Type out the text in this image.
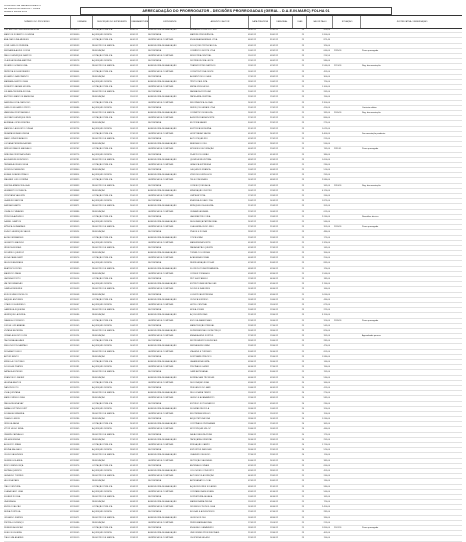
COMISSÃO DE GERENCIAMENTO
DE MARCAS E MARCAS – CGMM
Relatório Mensal 2012	ARRECADAÇÃO DO PRORROGATOR - DECISÕES PRORROGADAS (GERAL - D.A.E.IN.MARC) FOLHA 01
NÚMERO DO PROCESSO	UNIDADE	DESCRIÇÃO DO EXPEDIENTE	DATA ABERTURA	EXPEDIENTE	ASSUNTO / AUTOR	DATA PREVISTA	DATA REAL	DIAS	VALOR PAGO	SITUAÇÃO	JUSTIFICATIVA / OBSERVAÇÃO
LUIZ ANTONIO FERREIRA DA SILVA	02318473	LICITAÇÃO PÚBLICA	03/01/12	ASSESSORIA DE AVALIAÇÃO	ARMAZÉM LOGÍSTICO SUL	04/01/12	27/01/12	23	450,00
MARCOS ROBERTO OLIVEIRA	02318490	AQUISIÇÃO DIRETA	03/01/12	SECRETARIA	MAPFRE PREVIDÊNCIA	05/01/12	30/01/12	25	1.200,00
ANA CAROLINA MENDES	02318512	LICITAÇÃO PÚBLICA	04/01/12	GERÊNCIA DE COMPRAS	ENGENHARIA BRASIL LTDA	06/01/12	31/01/12	25	875,40
JOSÉ CARLOS PEREIRA	02318533	REGISTRO DE MARCA	04/01/12	ASSESSORIA DE AVALIAÇÃO	SOLUÇÕES TÉCNICAS S.A.	09/01/12	01/02/12	23	320,00
FERNANDA ALVES COSTA	02318547	RENOVAÇÃO	05/01/12	SECRETARIA	COMÉRCIO NORTE LTDA	10/01/12	02/02/12	23	640,00 2285/01	Prazo prorrogado
PAULO HENRIQUE SANTOS	02318561	LICITAÇÃO PÚBLICA	05/01/12	GERÊNCIA DE COMPRAS	INDÚSTRIA CENTRAL	11/01/12	03/02/12	23	210,50
CLÁUDIA REGINA MARTINS	02318578	AQUISIÇÃO DIRETA	06/01/12	SECRETARIA	DISTRIBUIDORA LESTE	12/01/12	06/02/12	25	980,00
RICARDO GOMES LIMA	02318590	REGISTRO DE MARCA	06/01/12	ASSESSORIA DE AVALIAÇÃO	TRANSPORTES RÁPIDOS	13/01/12	07/02/12	25	1.540,00 2291/01	Reg. documentação
PATRÍCIA SOUZA RIBEIRO	02318604	LICITAÇÃO PÚBLICA	09/01/12	GERÊNCIA DE COMPRAS	CONSTRUTORA OESTE	16/01/12	08/02/12	23	455,00
EDUARDO NASCIMENTO	02318619	RENOVAÇÃO	09/01/12	SECRETARIA	ALIMENTOS DO VALE	17/01/12	09/02/12	23	300,00
MARIANA CASTRO DIAS	02318633	AQUISIÇÃO DIRETA	10/01/12	ASSESSORIA DE AVALIAÇÃO	TÊXTIL PAULISTA	18/01/12	10/02/12	23	720,00
ROBERTO FARIAS MOURA	02318648	LICITAÇÃO PÚBLICA	10/01/12	GERÊNCIA DE COMPRAS	METALÚRGICA SUL	19/01/12	13/02/12	25	1.100,00
JULIANA TEIXEIRA ROCHA	02318652	REGISTRO DE MARCA	11/01/12	SECRETARIA	FARMÁCIA POPULAR	20/01/12	14/02/12	25	265,00
ANTÔNIO MARCOS BARBOSA	02318667	RENOVAÇÃO	11/01/12	ASSESSORIA DE AVALIAÇÃO	PAPELARIA CENTRAL	23/01/12	15/02/12	23	190,00
SANDRA LÚCIA CARDOSO	02318671	LICITAÇÃO PÚBLICA	12/01/12	GERÊNCIA DE COMPRAS	INFORMÁTICA GLOBAL	24/01/12	16/02/12	23	2.350,00
CARLOS EDUARDO PINTO	02318686	AQUISIÇÃO DIRETA	12/01/12	SECRETARIA	SERVIÇOS GERAIS LTDA	25/01/12	17/02/12	23	410,00	Contrato aditivo
VANESSA CRISTINA MELO	02318690	REGISTRO DE MARCA	13/01/12	ASSESSORIA DE AVALIAÇÃO	COSMÉTICOS BELEZA	26/01/12	20/02/12	25	335,00 2305/01	Reg. documentação
GUSTAVO HENRIQUE REIS	02318705	LICITAÇÃO PÚBLICA	13/01/12	GERÊNCIA DE COMPRAS	AGROPECUÁRIA NORTE	27/01/12	21/02/12	25	860,00
ADRIANA LOPES FREITAS	02318719	RENOVAÇÃO	16/01/12	SECRETARIA	EDITORA SABER	30/01/12	22/02/12	23	275,00
MARCELO AUGUSTO CUNHA	02318724	AQUISIÇÃO DIRETA	16/01/12	ASSESSORIA DE AVALIAÇÃO	ELÉTRICA MODERNA	31/01/12	23/02/12	23	1.025,00
RENATA MORAES VIEIRA	02318738	LICITAÇÃO PÚBLICA	17/01/12	GERÊNCIA DE COMPRAS	HOSPITALAR SAÚDE	01/02/12	24/02/12	23	3.400,00	Documentação pendente
FÁBIO JÚNIOR ARAÚJO	02318743	REGISTRO DE MARCA	17/01/12	SECRETARIA	AUTO PEÇAS RIO	02/02/12	27/02/12	25	215,00
LUCIANA PEREIRA DANTAS	02318757	RENOVAÇÃO	18/01/12	ASSESSORIA DE AVALIAÇÃO	BEBIDAS DO SUL	03/02/12	28/02/12	25	590,00
SÉRGIO RAMOS MACHADO	02318762	LICITAÇÃO PÚBLICA	18/01/12	GERÊNCIA DE COMPRAS	MÓVEIS E DECORAÇÃO	06/02/12	29/02/12	23	745,00 2311/01	Prazo prorrogado
DÉBORA CRISTINA NUNES	02318776	AQUISIÇÃO DIRETA	19/01/12	SECRETARIA	PLÁSTICOS UNIÃO	07/02/12	01/03/12	23	380,00
ALEXANDRE MONTEIRO	02318781	REGISTRO DE MARCA	19/01/12	ASSESSORIA DE AVALIAÇÃO	QUÍMICA INDUSTRIAL	08/02/12	02/03/12	23	1.650,00
TATIANA BORGES SILVA	02318795	LICITAÇÃO PÚBLICA	20/01/12	GERÊNCIA DE COMPRAS	GRÁFICA EXPRESSA	09/02/12	05/03/12	25	230,00
RODRIGO MENEZES	02318800	RENOVAÇÃO	20/01/12	SECRETARIA	CALÇADOS FRANCA	10/02/12	06/03/12	25	510,00
ELIANE SOARES PRADO	02318814	AQUISIÇÃO DIRETA	23/01/12	ASSESSORIA DE AVALIAÇÃO	VIDROS E ESPELHOS	13/02/12	07/03/12	23	295,00
WAGNER LUÍS CORRÊA	02318829	LICITAÇÃO PÚBLICA	23/01/12	GERÊNCIA DE COMPRAS	TELECOM BRASIL	14/02/12	08/03/12	23	2.980,00
SIMONE APARECIDA LEAL	02318833	REGISTRO DE MARCA	24/01/12	SECRETARIA	CONFECÇÕES ALFA	15/02/12	09/03/12	23	345,00 2318/01	Reg. documentação
HUMBERTO FONSECA	02318848	RENOVAÇÃO	24/01/12	ASSESSORIA DE AVALIAÇÃO	MINERAÇÃO CENTRO	16/02/12	12/03/12	25	4.120,00
CRISTIANE VALENTE	02318852	LICITAÇÃO PÚBLICA	25/01/12	GERÊNCIA DE COMPRAS	LIMPEZA TOTAL	17/02/12	13/03/12	25	260,00
LEANDRO BATISTA	02318867	AQUISIÇÃO DIRETA	25/01/12	SECRETARIA	ENERGIA SOLAR LTDA	20/02/12	14/03/12	23	1.875,00
KARINA DUARTE	02318871	REGISTRO DE MARCA	26/01/12	ASSESSORIA DE AVALIAÇÃO	BRINQUEDOS ALEGRIA	21/02/12	15/03/12	23	205,00
OSVALDO TAVARES	02318886	RENOVAÇÃO	26/01/12	GERÊNCIA DE COMPRAS	CERÂMICA BRASIL	22/02/12	16/03/12	23	615,00
PRISCILA AZEVEDO	02318890	LICITAÇÃO PÚBLICA	27/01/12	SECRETARIA	LABORATÓRIO VIDA	23/02/12	19/03/12	25	2.240,00	Reanálise técnica
DANIEL CAMPOS	02318905	AQUISIÇÃO DIRETA	27/01/12	ASSESSORIA DE AVALIAÇÃO	SEGURANÇA PATRIMONIAL	24/02/12	20/03/12	25	940,00
MÔNICA GUIMARÃES	02318919	REGISTRO DE MARCA	30/01/12	GERÊNCIA DE COMPRAS	JOALHERIA OURO FINO	27/02/12	21/03/12	23	355,00 2326/01	Prazo prorrogado
FLÁVIO HENRIQUE SALES	02318924	RENOVAÇÃO	30/01/12	SECRETARIA	PNEUS E RODAS	28/02/12	22/03/12	23	480,00
ALINE FERNANDES	02318938	LICITAÇÃO PÚBLICA	31/01/12	ASSESSORIA DE AVALIAÇÃO	ÓTICA VISÃO	29/02/12	23/03/12	23	175,00
GILBERTO MACEDO	02318943	AQUISIÇÃO DIRETA	31/01/12	GERÊNCIA DE COMPRAS	MADEIREIRA NORTE	01/03/12	26/03/12	25	1.320,00
JÉSSICA MORAIS	02318957	REGISTRO DE MARCA	01/02/12	SECRETARIA	PADARIA PÃO QUENTE	02/03/12	27/03/12	25	145,00
ROGÉRIO QUEIROZ	02318962	RENOVAÇÃO	01/02/12	ASSESSORIA DE AVALIAÇÃO	TINTAS COLORIDAS	05/03/12	28/03/12	23	390,00
ELISA CAVALCANTI	02318976	LICITAÇÃO PÚBLICA	02/02/12	GERÊNCIA DE COMPRAS	ACADEMIA FORMA	06/03/12	29/03/12	23	250,00
NELSON ANDRADE	02318981	AQUISIÇÃO DIRETA	02/02/12	SECRETARIA	REFRIGERAÇÃO POLAR	07/03/12	30/03/12	23	835,00
BEATRIZ FONTES	02318995	REGISTRO DE MARCA	03/02/12	ASSESSORIA DE AVALIAÇÃO	FLORICULTURA PRIMAVERA	08/03/12	02/04/12	25	120,00
MAURÍCIO PAIVA	02319000	RENOVAÇÃO	03/02/12	GERÊNCIA DE COMPRAS	CONSULTORIA ÁGIL	09/03/12	03/04/12	25	1.560,00
LARISSA PORTO	02319014	LICITAÇÃO PÚBLICA	06/02/12	SECRETARIA	PET SHOP AMIGO	12/03/12	04/04/12	23	185,00
VALTER BRANDÃO	02319029	AQUISIÇÃO DIRETA	06/02/12	ASSESSORIA DE AVALIAÇÃO	ESTRUTURAS METÁLICAS	13/03/12	05/04/12	23	2.760,00
CAMILA RESENDE	02319033	REGISTRO DE MARCA	07/02/12	GERÊNCIA DE COMPRAS	DOCES E SABORES	14/03/12	06/04/12	23	160,00
EDSON VASCONCELOS	02319048	RENOVAÇÃO	07/02/12	SECRETARIA	LOGÍSTICA EXPRESSA	15/03/12	09/04/12	25	1.090,00
RAQUEL ANTUNES	02319052	LICITAÇÃO PÚBLICA	08/02/12	ASSESSORIA DE AVALIAÇÃO	CLÍNICA SORRISO	16/03/12	10/04/12	25	430,00
OTÁVIO FIGUEIREDO	02319067	AQUISIÇÃO DIRETA	08/02/12	GERÊNCIA DE COMPRAS	HOTEL CENTRAL	19/03/12	11/04/12	23	675,00
GABRIELA SIQUEIRA	02319071	REGISTRO DE MARCA	09/02/12	SECRETARIA	MODA JOVEM	20/03/12	12/04/12	23	225,00
HENRIQUE LACERDA	02319086	RENOVAÇÃO	09/02/12	ASSESSORIA DE AVALIAÇÃO	AÇOS ESPECIAIS	21/03/12	13/04/12	23	3.150,00
ISABELA CORDEIRO	02319090	LICITAÇÃO PÚBLICA	10/02/12	GERÊNCIA DE COMPRAS	ESCOLA SABER MAIS	22/03/12	16/04/12	25	310,00 2339/01	Prazo prorrogado
JORGE LUIZ AMARAL	02319105	AQUISIÇÃO DIRETA	10/02/12	SECRETARIA	MANUTENÇÃO PREDIAL	23/03/12	17/04/12	25	545,00
VIVIANE BEZERRA	02319119	REGISTRO DE MARCA	13/02/12	ASSESSORIA DE AVALIAÇÃO	SUPERMERCADO BOM PREÇO	26/03/12	18/04/12	23	820,00
CÉSAR AUGUSTO LINS	02319124	RENOVAÇÃO	13/02/12	GERÊNCIA DE COMPRAS	EMBALAGENS FORTES	27/03/12	19/04/12	23	395,00	Aguardando parecer
TALITA MAGALHÃES	02319138	LICITAÇÃO PÚBLICA	14/02/12	SECRETARIA	INSTRUMENTOS MUSICAIS	28/03/12	20/04/12	23	285,00
WELLINGTON SAMPAIO	02319143	AQUISIÇÃO DIRETA	14/02/12	ASSESSORIA DE AVALIAÇÃO	FERRAGENS UNIÃO	29/03/12	23/04/12	25	470,00
ROSANA TOLEDO	02319157	REGISTRO DE MARCA	15/02/12	GERÊNCIA DE COMPRAS	VIAGENS E TURISMO	30/03/12	24/04/12	25	655,00
ARTUR BENTO	02319162	RENOVAÇÃO	15/02/12	SECRETARIA	SOFTWARE PRÁTICO	02/04/12	25/04/12	23	1.980,00
MIRELLA COUTINHO	02319176	LICITAÇÃO PÚBLICA	16/02/12	ASSESSORIA DE AVALIAÇÃO	LAVANDERIA LIMPA	03/04/12	26/04/12	23	140,00
DOUGLAS PRATES	02319181	AQUISIÇÃO DIRETA	16/02/12	GERÊNCIA DE COMPRAS	PISCINAS E LAZER	04/04/12	27/04/12	23	760,00
NATÁLIA ESTEVES	02319195	REGISTRO DE MARCA	17/02/12	SECRETARIA	CAFÉ ARTESANAL	05/04/12	30/04/12	25	195,00
FRANCISCO XAVIER	02319200	RENOVAÇÃO	17/02/12	ASSESSORIA DE AVALIAÇÃO	BORRACHAS TÉCNICAS	06/04/12	02/05/12	26	530,00
HELENA BASTOS	02319214	LICITAÇÃO PÚBLICA	20/02/12	GERÊNCIA DE COMPRAS	DECORAÇÃO FINA	09/04/12	03/05/12	24	340,00
IVAN PEIXOTO	02319229	AQUISIÇÃO DIRETA	20/02/12	SECRETARIA	PESCADOS DO MAR	10/04/12	04/05/12	24	415,00
LÍVIA QUINTANA	02319233	REGISTRO DE MARCA	21/02/12	ASSESSORIA DE AVALIAÇÃO	RELOJOARIA TEMPO	11/04/12	07/05/12	26	270,00
MÁRIO SÉRGIO DIAS	02319248	RENOVAÇÃO	21/02/12	GERÊNCIA DE COMPRAS	GESSO E ACABAMENTO	12/04/12	08/05/12	26	585,00
PAULA REGINA VAZ	02319252	LICITAÇÃO PÚBLICA	22/02/12	SECRETARIA	ESTÚDIO FOTOGRÁFICO	13/04/12	09/05/12	26	230,00
RAFAEL BITTENCOURT	02319267	AQUISIÇÃO DIRETA	22/02/12	ASSESSORIA DE AVALIAÇÃO	SUCATAS RECICLA	16/04/12	10/05/12	24	310,00
SOLANGE MIRANDA	02319271	REGISTRO DE MARCA	23/02/12	GERÊNCIA DE COMPRAS	BIJUTERIAS BRILHO	17/04/12	11/05/12	24	150,00
THIAGO LEMOS	02319286	RENOVAÇÃO	23/02/12	SECRETARIA	ARQUITETURA VIVA	18/04/12	14/05/12	26	1.240,00
ÚRSULA FARIA	02319290	LICITAÇÃO PÚBLICA	24/02/12	ASSESSORIA DE AVALIAÇÃO	CORTINAS E PERSIANAS	19/04/12	15/05/12	26	365,00
VÍTOR HUGO SENA	02319305	AQUISIÇÃO DIRETA	24/02/12	GERÊNCIA DE COMPRAS	MOTOPEÇAS VELOZ	20/04/12	16/05/12	26	440,00
YASMIN CARVALHO	02319319	REGISTRO DE MARCA	27/02/12	SECRETARIA	SALÃO BELEZA PURA	23/04/12	17/05/12	24	175,00
ZÉLIA MOREIRA	02319324	RENOVAÇÃO	27/02/12	ASSESSORIA DE AVALIAÇÃO	TAPEÇARIA ORIENTAL	24/04/12	18/05/12	24	295,00
AUGUSTO RIBAS	02319338	LICITAÇÃO PÚBLICA	28/02/12	GERÊNCIA DE COMPRAS	IRRIGAÇÃO CAMPO	25/04/12	21/05/12	26	1.710,00
BRUNA SALGADO	02319343	AQUISIÇÃO DIRETA	28/02/12	SECRETARIA	ESPORTES RADICAIS	26/04/12	22/05/12	26	520,00
CELSO FAGUNDES	02319357	REGISTRO DE MARCA	29/02/12	ASSESSORIA DE AVALIAÇÃO	CHAVEIRO SEGURO	27/04/12	23/05/12	26	110,00
DENISE HOLANDA	02319362	RENOVAÇÃO	29/02/12	GERÊNCIA DE COMPRAS	NUTRIÇÃO SAUDÁVEL	30/04/12	24/05/12	24	385,00
ÉRICO MENDONÇA	02319376	LICITAÇÃO PÚBLICA	01/03/12	SECRETARIA	ANTENAS E SINAIS	02/05/12	25/05/12	23	690,00
FÁTIMA QUEIRÓS	02319381	AQUISIÇÃO DIRETA	01/03/12	ASSESSORIA DE AVALIAÇÃO	COLCHÕES CONFORTO	03/05/12	28/05/12	25	455,00
GERALDO TORRES	02319395	REGISTRO DE MARCA	02/03/12	GERÊNCIA DE COMPRAS	AUTOESCOLA DIREÇÃO	04/05/12	29/05/12	25	240,00
HELOÍSA PAES	02319400	RENOVAÇÃO	02/03/12	SECRETARIA	ARTESANATO LOCAL	07/05/12	30/05/12	23	130,00
ÍTALO VENTURA	02319414	LICITAÇÃO PÚBLICA	05/03/12	ASSESSORIA DE AVALIAÇÃO	AQUECEDORES SOLARES	08/05/12	31/05/12	23	980,00
JOANA DARC LIMA	02319429	AQUISIÇÃO DIRETA	05/03/12	GERÊNCIA DE COMPRAS	CONTABILIDADE EXATA	09/05/12	01/06/12	23	560,00
KLEBER ROCHA	02319433	REGISTRO DE MARCA	06/03/12	SECRETARIA	SORVETERIA GELADA	10/05/12	04/06/12	25	165,00
LÉA BRAGA	02319448	RENOVAÇÃO	06/03/12	ASSESSORIA DE AVALIAÇÃO	MARMORARIA PEDRA	11/05/12	05/06/12	25	720,00
MURILO FALCÃO	02319452	LICITAÇÃO PÚBLICA	07/03/12	GERÊNCIA DE COMPRAS	DRONES E TECNOLOGIA	14/05/12	06/06/12	23	2.450,00
NÍVEA PORTELA	02319467	AQUISIÇÃO DIRETA	07/03/12	SECRETARIA	BOLSAS E ACESSÓRIOS	15/05/12	07/06/12	23	285,00
ORLANDO SIMÕES	02319471	REGISTRO DE MARCA	08/03/12	ASSESSORIA DE AVALIAÇÃO	GUINCHOS 24H	16/05/12	08/06/12	23	330,00
PIETRA LOURENÇO	02319486	RENOVAÇÃO	08/03/12	GERÊNCIA DE COMPRAS	PERFUMARIA AROMA	17/05/12	11/06/12	25	215,00
RUBENS ALENCAR	02319490	LICITAÇÃO PÚBLICA	09/03/12	SECRETARIA	ENGENHO CANAVIEIRO	18/05/12	12/06/12	25	1.890,00 2347/01	Prazo prorrogado
SUELI NOGUEIRA	02319505	AQUISIÇÃO DIRETA	09/03/12	ASSESSORIA DE AVALIAÇÃO	UNIFORMES PROFISSIONAIS	21/05/12	13/06/12	23	405,00
TIAGO VALADARES	02319519	REGISTRO DE MARCA	12/03/12	GERÊNCIA DE COMPRAS	CHOPERIA GELADO	22/05/12	14/06/12	23	190,00
